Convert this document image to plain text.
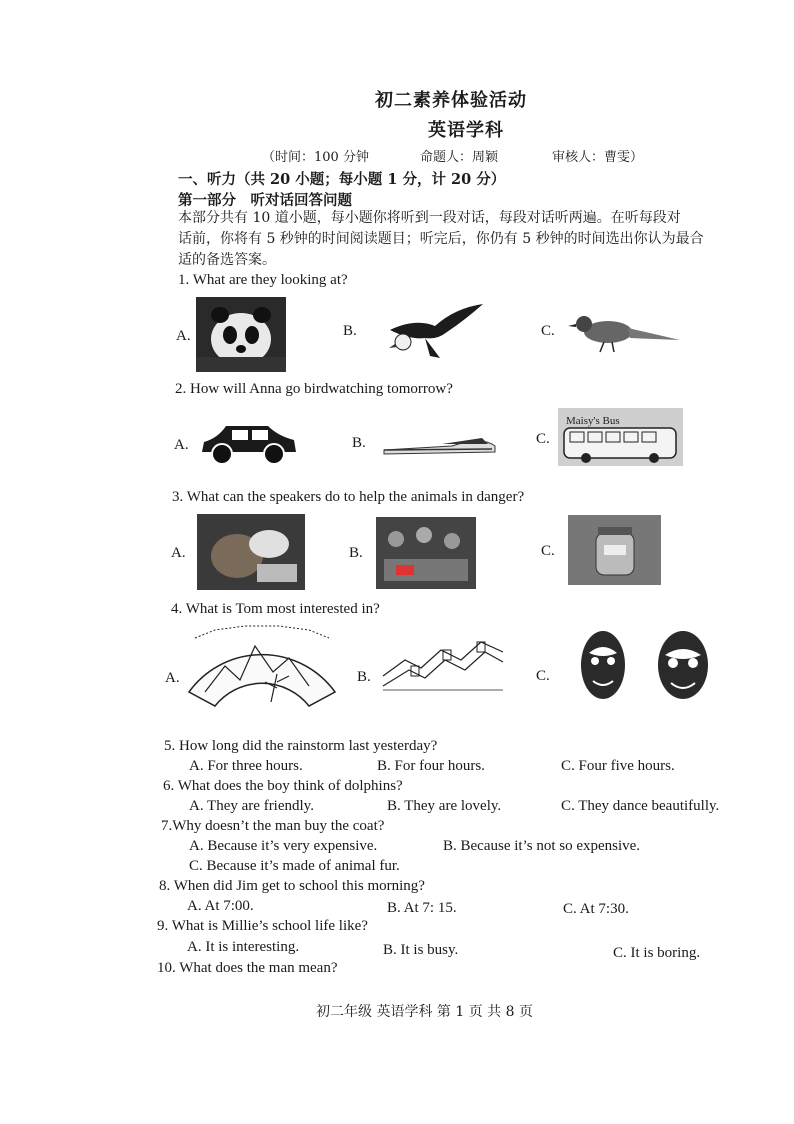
初二素养体验活动
英语学科
（时间：100 分钟	命题人：周颖	审核人：曹雯）
一、听力（共 20 小题；每小题 1 分，计 20 分）
第一部分　听对话回答问题
本部分共有 10 道小题，每小题你将听到一段对话，每段对话听两遍。在听每段对
话前，你将有 5 秒钟的时间阅读题目；听完后，你仍有 5 秒钟的时间选出你认为最合
适的备选答案。
1. What are they looking at?
A.	B.	C.
2. How will Anna go birdwatching tomorrow?
A.	B.	C.
Maisy's Bus
3. What can the speakers do to help the animals in danger?
A.	B.	C.
4. What is Tom most interested in?
A.	B.	C.
5. How long did the rainstorm last yesterday?
A. For three hours.	B. For four hours.	C. Four five hours.
6. What does the boy think of dolphins?
A. They are friendly.	B. They are lovely.	C. They dance beautifully.
7.Why doesn’t the man buy the coat?
A. Because it’s very expensive.	B. Because it’s not so expensive.
C. Because it’s made of animal fur.
8. When did Jim get to school this morning?
A. At 7:00.	B. At 7: 15.	C. At 7:30.
9. What is Millie’s school life like?
A. It is interesting.	B. It is busy.	C. It is boring.
10. What does the man mean?
初二年级 英语学科 第 1 页 共 8 页
